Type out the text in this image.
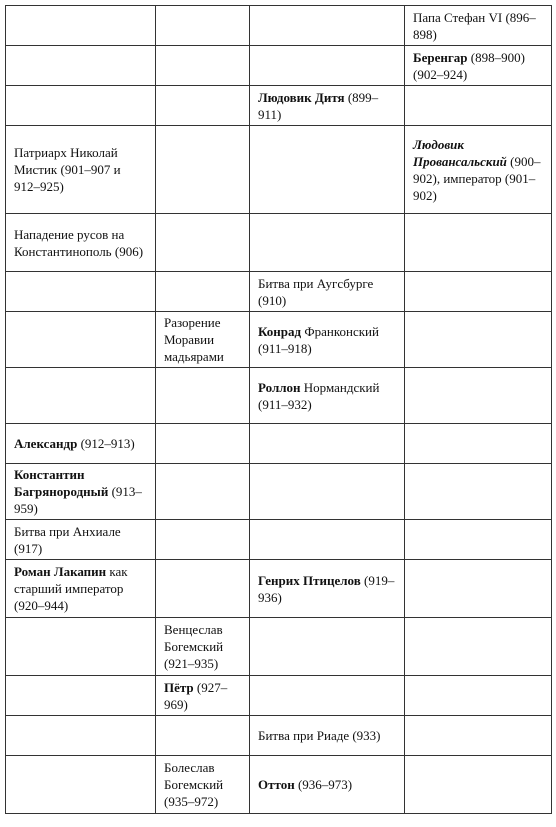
			Папа Стефан VI (896–898)
			Беренгар (898–900)(902–924)
		Людовик Дитя (899–911)	
Патриарх Николай Мистик (901–907 и 912–925)			Людовик Провансальский (900–902), император (901–902)
Нападение русов на Константинополь (906)			
		Битва при Аугсбурге (910)	
	Разорение Моравии мадьярами	Конрад Франконский (911–918)	
		Роллон Нормандский (911–932)	
Александр (912–913)			
Константин Багрянородный (913–959)			
Битва при Анхиале (917)			
Роман Лакапин как старший император (920–944)		Генрих Птицелов (919–936)	
	Венцеслав Богемский (921–935)		
	Пётр (927–969)		
		Битва при Риаде (933)	
	Болеслав Богемский (935–972)	Оттон (936–973)	
